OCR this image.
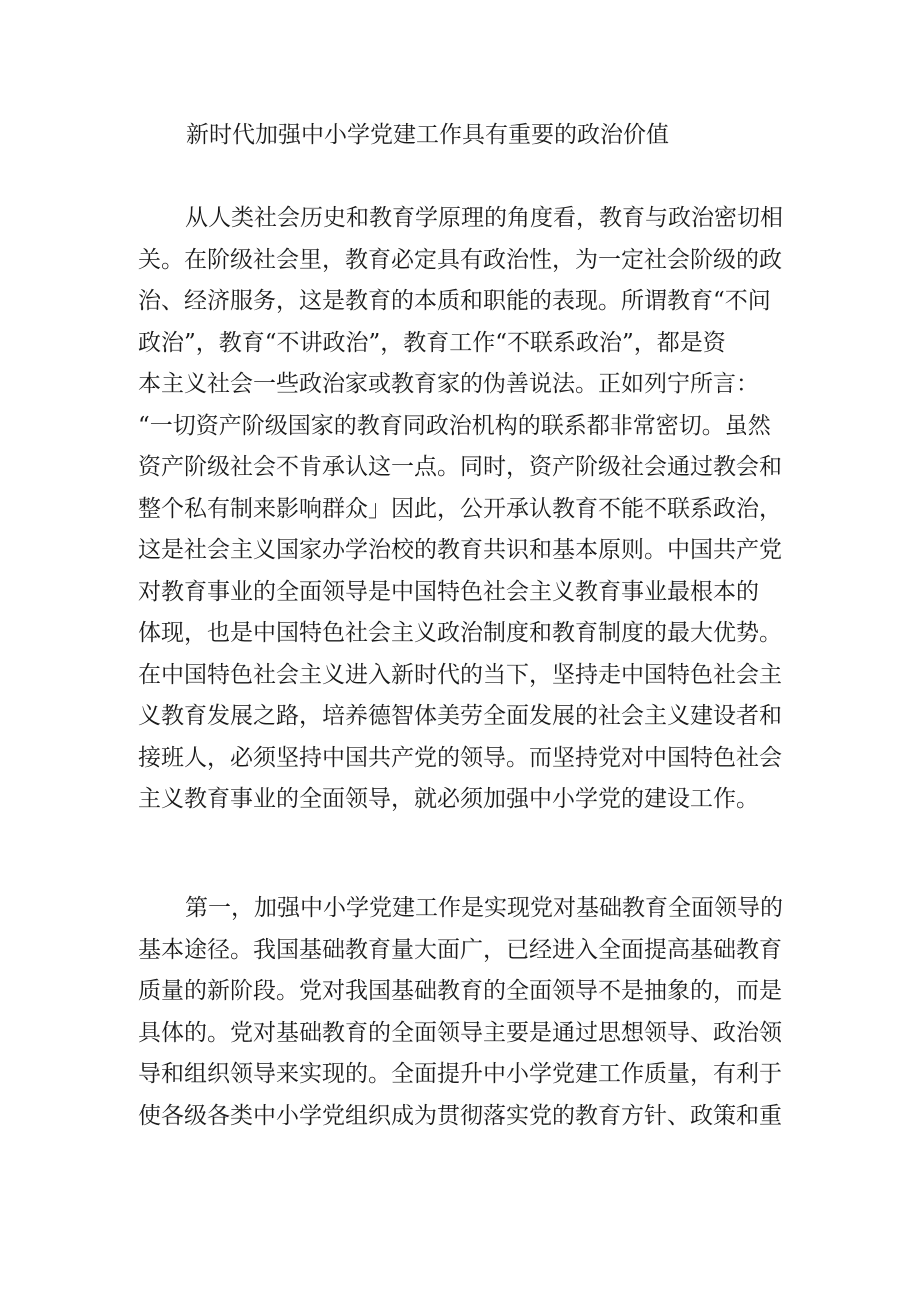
新时代加强中小学党建工作具有重要的政治价值
从人类社会历史和教育学原理的角度看，教育与政治密切相
关。在阶级社会里，教育必定具有政治性，为一定社会阶级的政
治、经济服务，这是教育的本质和职能的表现。所谓教育“不问
政治”，教育“不讲政治”，教育工作“不联系政治”，都是资
本主义社会一些政治家或教育家的伪善说法。正如列宁所言：
“一切资产阶级国家的教育同政治机构的联系都非常密切。虽然
资产阶级社会不肯承认这一点。同时，资产阶级社会通过教会和
整个私有制来影响群众」因此，公开承认教育不能不联系政治，
这是社会主义国家办学治校的教育共识和基本原则。中国共产党
对教育事业的全面领导是中国特色社会主义教育事业最根本的
体现，也是中国特色社会主义政治制度和教育制度的最大优势。
在中国特色社会主义进入新时代的当下，坚持走中国特色社会主
义教育发展之路，培养德智体美劳全面发展的社会主义建设者和
接班人，必须坚持中国共产党的领导。而坚持党对中国特色社会
主义教育事业的全面领导，就必须加强中小学党的建设工作。
第一，加强中小学党建工作是实现党对基础教育全面领导的
基本途径。我国基础教育量大面广，已经进入全面提高基础教育
质量的新阶段。党对我国基础教育的全面领导不是抽象的，而是
具体的。党对基础教育的全面领导主要是通过思想领导、政治领
导和组织领导来实现的。全面提升中小学党建工作质量，有利于
使各级各类中小学党组织成为贯彻落实党的教育方针、政策和重
